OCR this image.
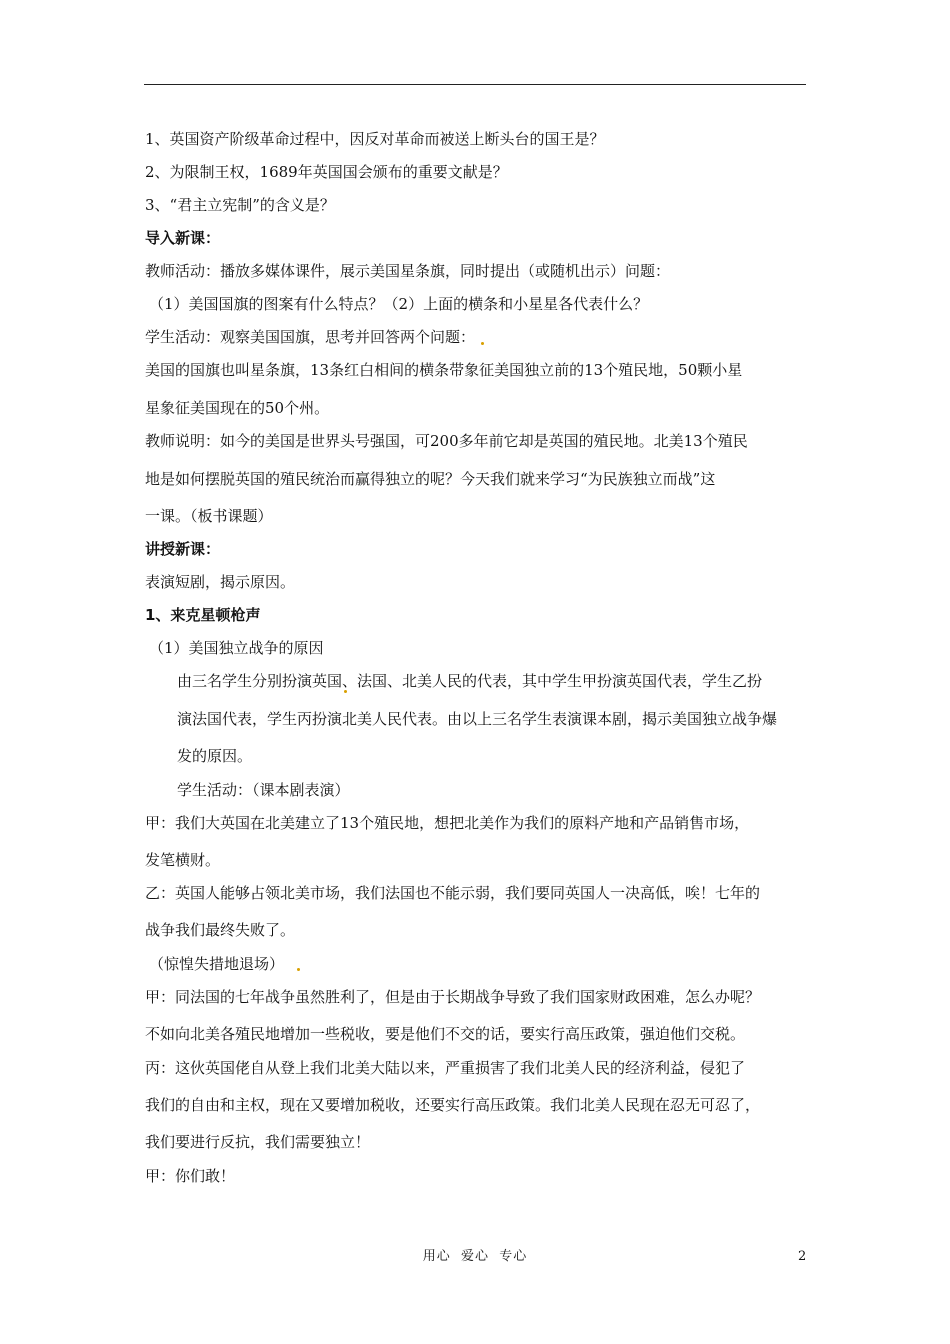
1、英国资产阶级革命过程中，因反对革命而被送上断头台的国王是？
2、为限制王权，1689年英国国会颁布的重要文献是？
3、“君主立宪制”的含义是？
导入新课：
教师活动：播放多媒体课件，展示美国星条旗，同时提出（或随机出示）问题：
（1）美国国旗的图案有什么特点？（2）上面的横条和小星星各代表什么？
学生活动：观察美国国旗，思考并回答两个问题：
美国的国旗也叫星条旗，13条红白相间的横条带象征美国独立前的13个殖民地，50颗小星
星象征美国现在的50个州。
教师说明：如今的美国是世界头号强国，可200多年前它却是英国的殖民地。北美13个殖民
地是如何摆脱英国的殖民统治而赢得独立的呢？今天我们就来学习“为民族独立而战”这
一课。（板书课题）
讲授新课：
表演短剧，揭示原因。
1、来克星顿枪声
（1）美国独立战争的原因
由三名学生分别扮演英国、法国、北美人民的代表，其中学生甲扮演英国代表，学生乙扮
演法国代表，学生丙扮演北美人民代表。由以上三名学生表演课本剧，揭示美国独立战争爆
发的原因。
学生活动：（课本剧表演）
甲：我们大英国在北美建立了13个殖民地，想把北美作为我们的原料产地和产品销售市场，
发笔横财。
乙：英国人能够占领北美市场，我们法国也不能示弱，我们要同英国人一决高低，唉！七年的
战争我们最终失败了。
（惊惶失措地退场）
甲：同法国的七年战争虽然胜利了，但是由于长期战争导致了我们国家财政困难，怎么办呢？
不如向北美各殖民地增加一些税收，要是他们不交的话，要实行高压政策，强迫他们交税。
丙：这伙英国佬自从登上我们北美大陆以来，严重损害了我们北美人民的经济利益，侵犯了
我们的自由和主权，现在又要增加税收，还要实行高压政策。我们北美人民现在忍无可忍了，
我们要进行反抗，我们需要独立！
甲：你们敢！
用心  爱心  专心	2
